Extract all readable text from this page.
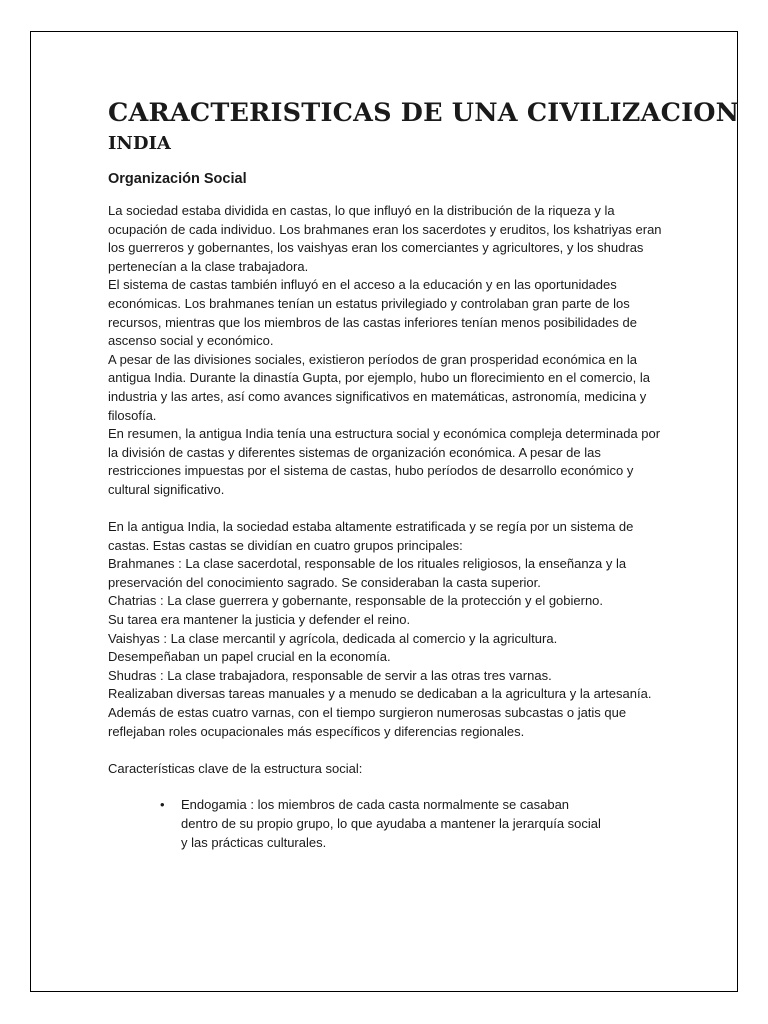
CARACTERISTICAS DE UNA CIVILIZACION
INDIA
Organización Social

La sociedad estaba dividida en castas, lo que influyó en la distribución de la riqueza y la ocupación de cada individuo. Los brahmanes eran los sacerdotes y eruditos, los kshatriyas eran los guerreros y gobernantes, los vaishyas eran los comerciantes y agricultores, y los shudras pertenecían a la clase trabajadora.

El sistema de castas también influyó en el acceso a la educación y en las oportunidades económicas. Los brahmanes tenían un estatus privilegiado y controlaban gran parte de los recursos, mientras que los miembros de las castas inferiores tenían menos posibilidades de ascenso social y económico.

A pesar de las divisiones sociales, existieron períodos de gran prosperidad económica en la antigua India. Durante la dinastía Gupta, por ejemplo, hubo un florecimiento en el comercio, la industria y las artes, así como avances significativos en matemáticas, astronomía, medicina y filosofía.

En resumen, la antigua India tenía una estructura social y económica compleja determinada por la división de castas y diferentes sistemas de organización económica. A pesar de las restricciones impuestas por el sistema de castas, hubo períodos de desarrollo económico y cultural significativo.

En la antigua India, la sociedad estaba altamente estratificada y se regía por un sistema de castas. Estas castas se dividían en cuatro grupos principales:

Brahmanes : La clase sacerdotal, responsable de los rituales religiosos, la enseñanza y la preservación del conocimiento sagrado. Se consideraban la casta superior.

Chatrias : La clase guerrera y gobernante, responsable de la protección y el gobierno.

Su tarea era mantener la justicia y defender el reino.

Vaishyas : La clase mercantil y agrícola, dedicada al comercio y la agricultura.

Desempeñaban un papel crucial en la economía.

Shudras : La clase trabajadora, responsable de servir a las otras tres varnas.

Realizaban diversas tareas manuales y a menudo se dedicaban a la agricultura y la artesanía.

Además de estas cuatro varnas, con el tiempo surgieron numerosas subcastas o jatis que reflejaban roles ocupacionales más específicos y diferencias regionales.

Características clave de la estructura social:

• Endogamia : los miembros de cada casta normalmente se casaban
dentro de su propio grupo, lo que ayudaba a mantener la jerarquía social
y las prácticas culturales.
